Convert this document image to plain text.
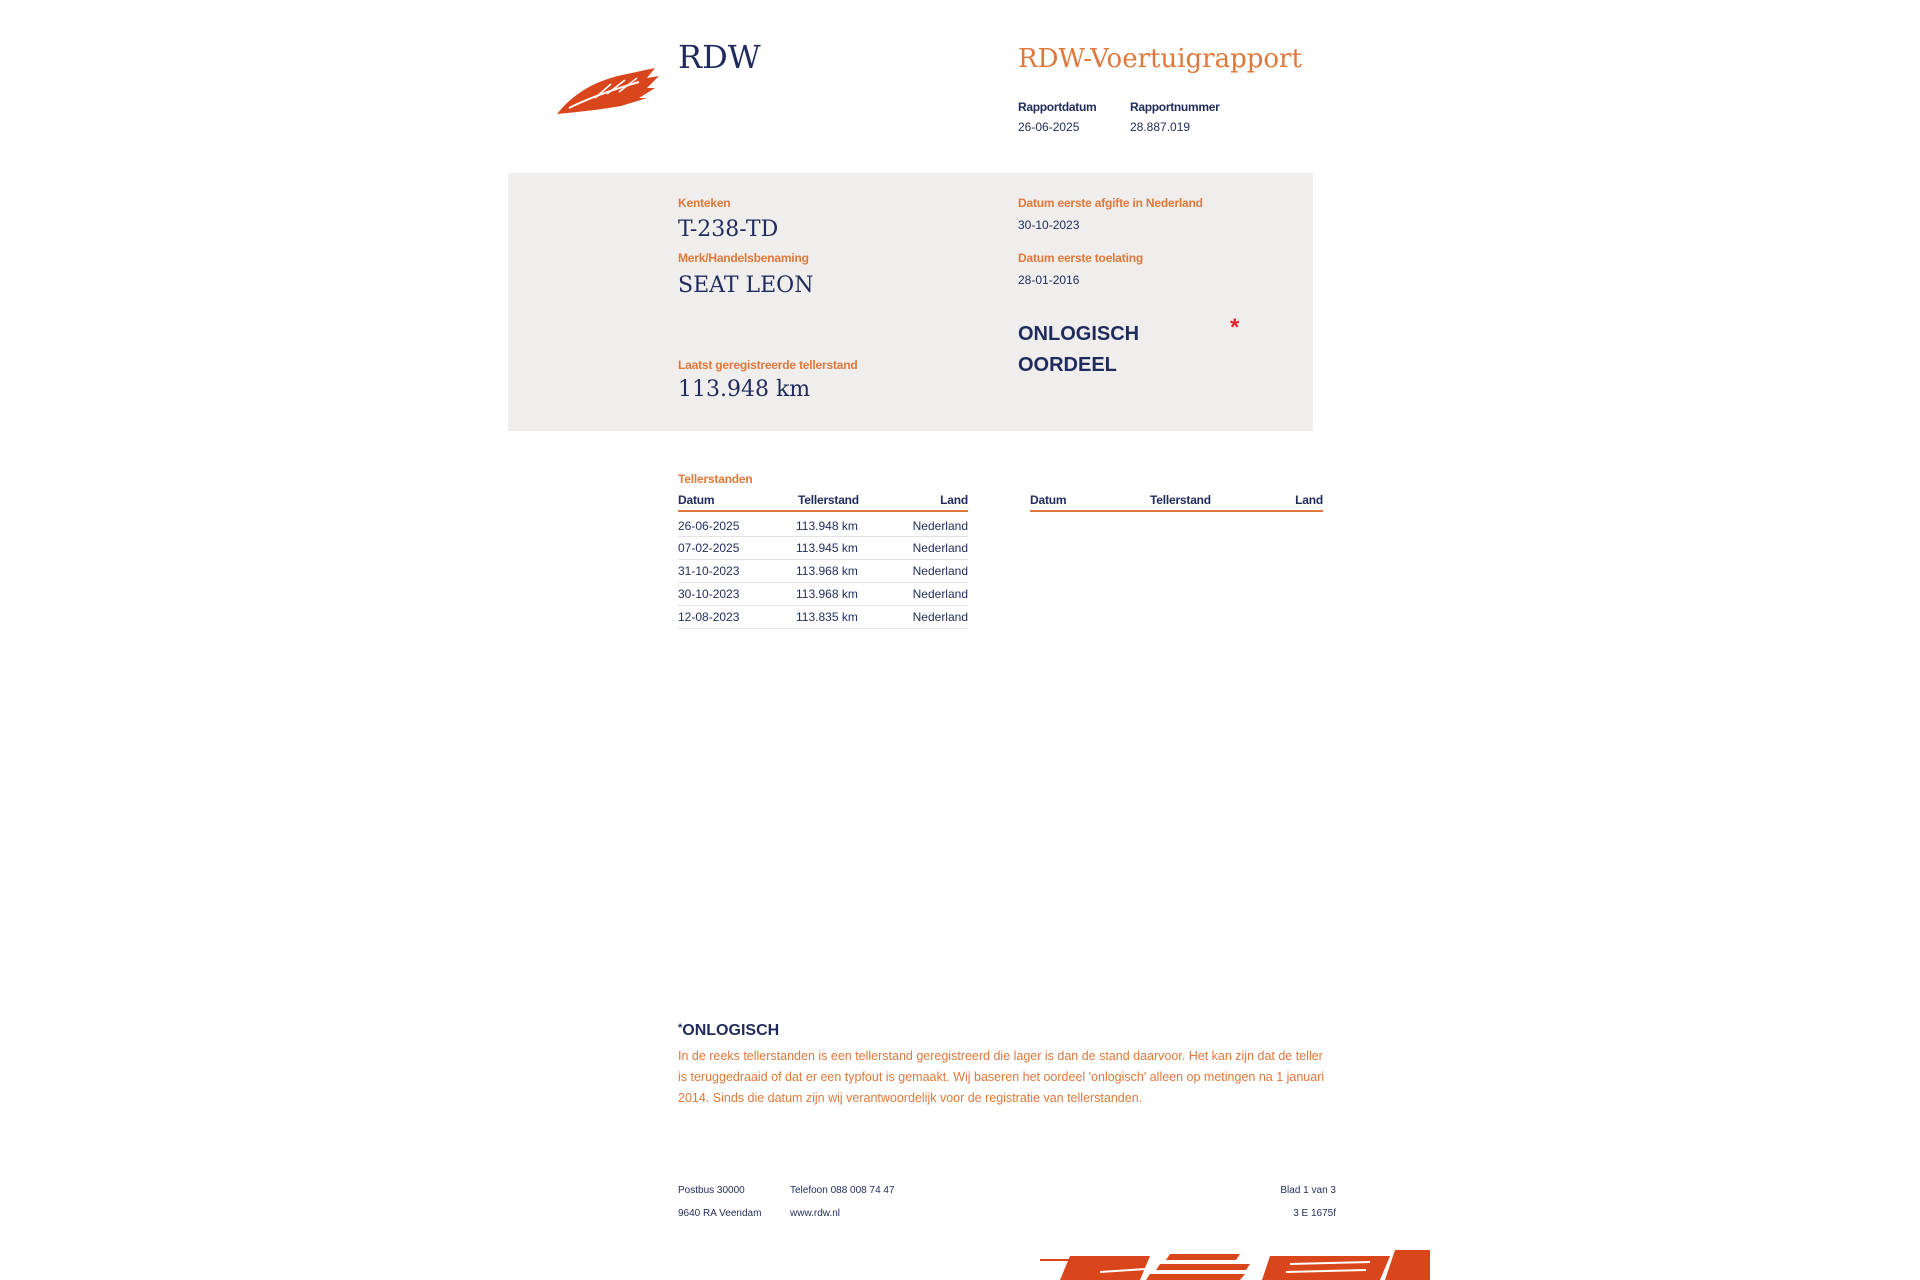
RDW	RDW-Voertuigrapport
Rapportdatum
26-06-2025
Rapportnummer
28.887.019
Kenteken
T-238-TD
Merk/Handelsbenaming
SEAT LEON
Laatst geregistreerde tellerstand
113.948 km
Datum eerste afgifte in Nederland
30-10-2023
Datum eerste toelating
28-01-2016
ONLOGISCH
OORDEEL
*
Tellerstanden
Datum	Tellerstand	Land
26-06-2025	113.948 km	Nederland
07-02-2025	113.945 km	Nederland
31-10-2023	113.968 km	Nederland
30-10-2023	113.968 km	Nederland
12-08-2023	113.835 km	Nederland
Datum	Tellerstand	Land
*ONLOGISCH
In de reeks tellerstanden is een tellerstand geregistreerd die lager is dan de stand daarvoor. Het kan zijn dat de teller is teruggedraaid of dat er een typfout is gemaakt. Wij baseren het oordeel 'onlogisch' alleen op metingen na 1 januari 2014. Sinds die datum zijn wij verantwoordelijk voor de registratie van tellerstanden.
Postbus 30000
9640 RA Veendam
Telefoon 088 008 74 47
www.rdw.nl
Blad 1 van 3
3 E 1675f
